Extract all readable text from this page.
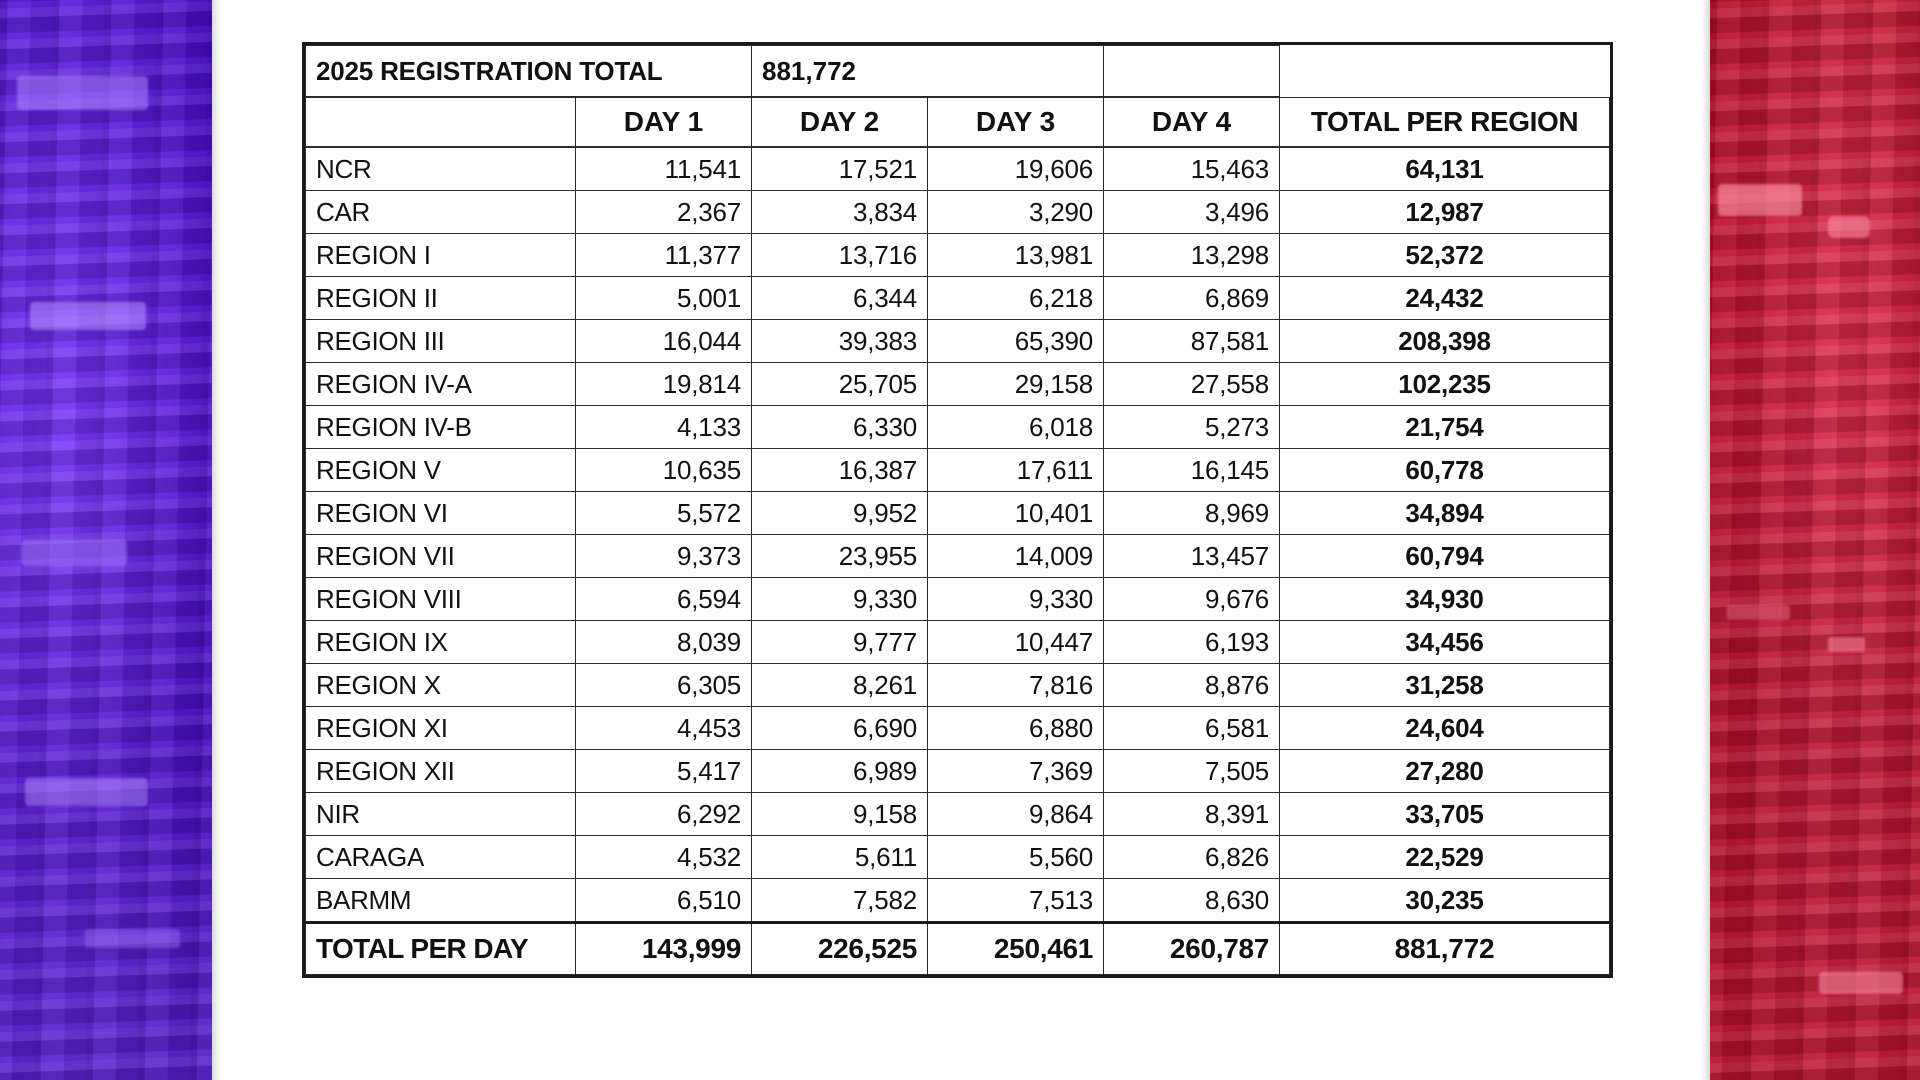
2025 REGISTRATION TOTAL		881,772			
	DAY 1	DAY 2	DAY 3	DAY 4	TOTAL PER REGION
NCR	11,541	17,521	19,606	15,463	64,131
CAR	2,367	3,834	3,290	3,496	12,987
REGION I	11,377	13,716	13,981	13,298	52,372
REGION II	5,001	6,344	6,218	6,869	24,432
REGION III	16,044	39,383	65,390	87,581	208,398
REGION IV-A	19,814	25,705	29,158	27,558	102,235
REGION IV-B	4,133	6,330	6,018	5,273	21,754
REGION V	10,635	16,387	17,611	16,145	60,778
REGION VI	5,572	9,952	10,401	8,969	34,894
REGION VII	9,373	23,955	14,009	13,457	60,794
REGION VIII	6,594	9,330	9,330	9,676	34,930
REGION IX	8,039	9,777	10,447	6,193	34,456
REGION X	6,305	8,261	7,816	8,876	31,258
REGION XI	4,453	6,690	6,880	6,581	24,604
REGION XII	5,417	6,989	7,369	7,505	27,280
NIR	6,292	9,158	9,864	8,391	33,705
CARAGA	4,532	5,611	5,560	6,826	22,529
BARMM	6,510	7,582	7,513	8,630	30,235
TOTAL PER DAY	143,999	226,525	250,461	260,787	881,772
